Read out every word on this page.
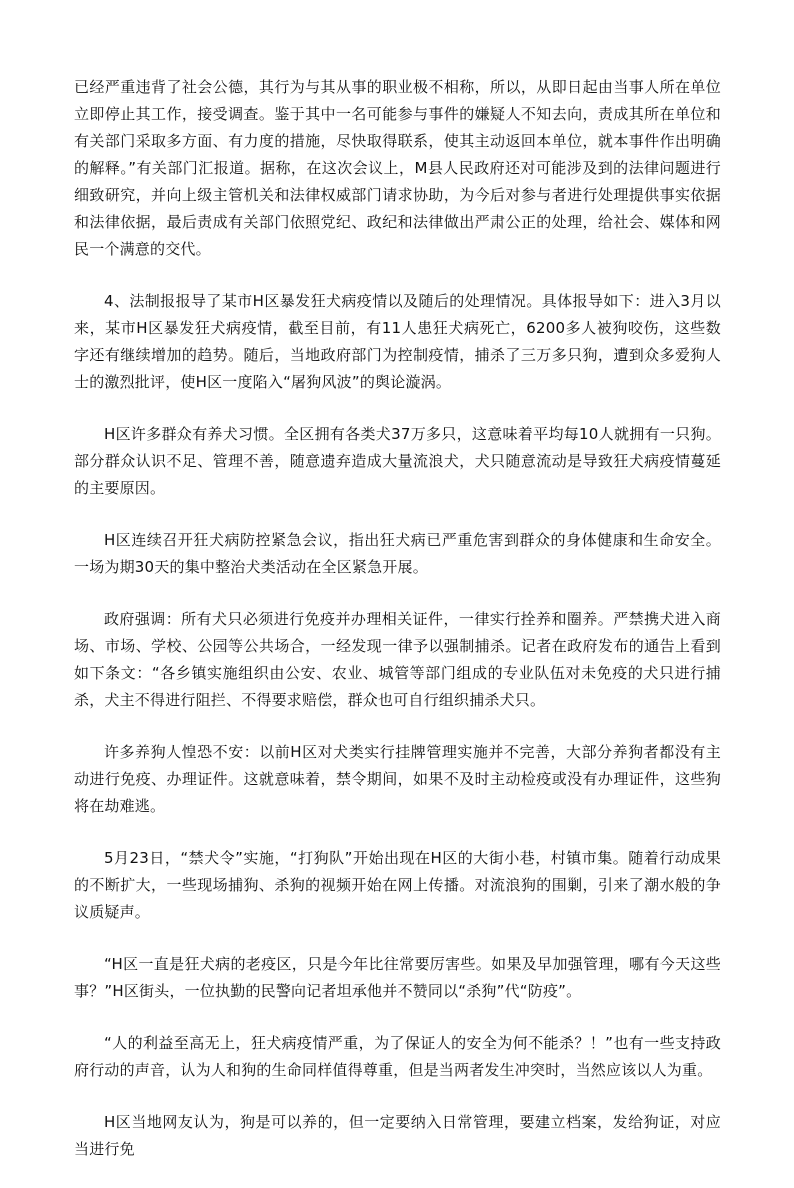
已经严重违背了社会公德，其行为与其从事的职业极不相称，所以，从即日起由当事人所在单位立即停止其工作，接受调查。鉴于其中一名可能参与事件的嫌疑人不知去向，责成其所在单位和有关部门采取多方面、有力度的措施，尽快取得联系，使其主动返回本单位，就本事件作出明确的解释。”有关部门汇报道。据称，在这次会议上，M县人民政府还对可能涉及到的法律问题进行细致研究，并向上级主管机关和法律权威部门请求协助，为今后对参与者进行处理提供事实依据和法律依据，最后责成有关部门依照党纪、政纪和法律做出严肃公正的处理，给社会、媒体和网民一个满意的交代。

4、法制报报导了某市H区暴发狂犬病疫情以及随后的处理情况。具体报导如下：进入3月以来，某市H区暴发狂犬病疫情，截至目前，有11人患狂犬病死亡，6200多人被狗咬伤，这些数字还有继续增加的趋势。随后，当地政府部门为控制疫情，捕杀了三万多只狗，遭到众多爱狗人士的激烈批评，使H区一度陷入“屠狗风波”的舆论漩涡。

H区许多群众有养犬习惯。全区拥有各类犬37万多只，这意味着平均每10人就拥有一只狗。部分群众认识不足、管理不善，随意遗弃造成大量流浪犬，犬只随意流动是导致狂犬病疫情蔓延的主要原因。

H区连续召开狂犬病防控紧急会议，指出狂犬病已严重危害到群众的身体健康和生命安全。一场为期30天的集中整治犬类活动在全区紧急开展。

政府强调：所有犬只必须进行免疫并办理相关证件，一律实行拴养和圈养。严禁携犬进入商场、市场、学校、公园等公共场合，一经发现一律予以强制捕杀。记者在政府发布的通告上看到如下条文：“各乡镇实施组织由公安、农业、城管等部门组成的专业队伍对未免疫的犬只进行捕杀，犬主不得进行阻拦、不得要求赔偿，群众也可自行组织捕杀犬只。

许多养狗人惶恐不安：以前H区对犬类实行挂牌管理实施并不完善，大部分养狗者都没有主动进行免疫、办理证件。这就意味着，禁令期间，如果不及时主动检疫或没有办理证件，这些狗将在劫难逃。

5月23日，“禁犬令”实施，“打狗队”开始出现在H区的大街小巷，村镇市集。随着行动成果的不断扩大，一些现场捕狗、杀狗的视频开始在网上传播。对流浪狗的围剿，引来了潮水般的争议质疑声。

“H区一直是狂犬病的老疫区，只是今年比往常要厉害些。如果及早加强管理，哪有今天这些事？”H区街头，一位执勤的民警向记者坦承他并不赞同以“杀狗”代“防疫”。

“人的利益至高无上，狂犬病疫情严重，为了保证人的安全为何不能杀？！”也有一些支持政府行动的声音，认为人和狗的生命同样值得尊重，但是当两者发生冲突时，当然应该以人为重。

H区当地网友认为，狗是可以养的，但一定要纳入日常管理，要建立档案，发给狗证，对应当进行免
